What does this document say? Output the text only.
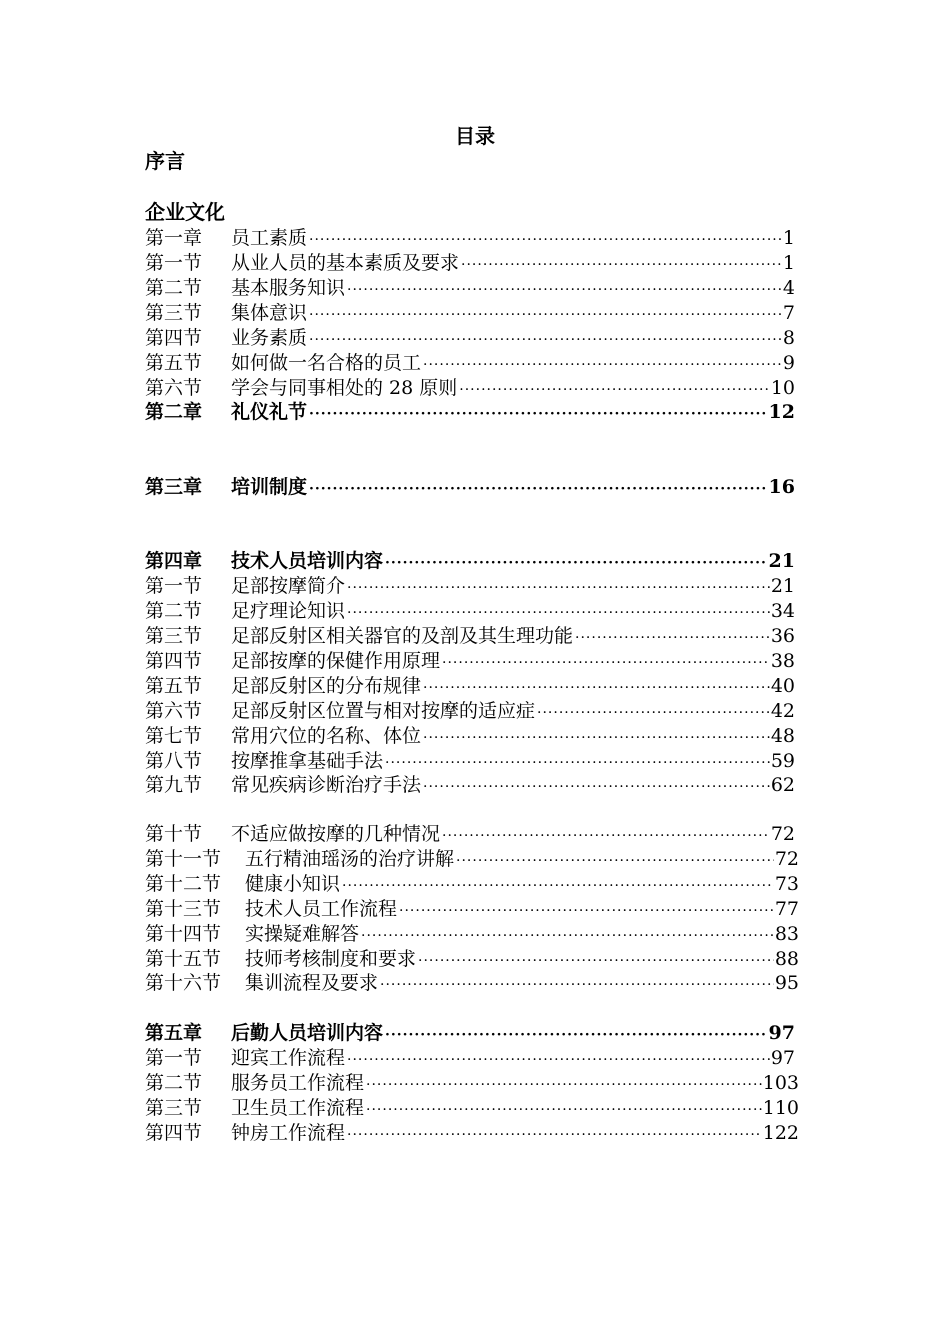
目录
序言
企业文化
第一章	员工素质 ·····	1
第一节	从业人员的基本素质及要求 ·····	1
第二节	基本服务知识 ·····	4
第三节	集体意识 ·····	7
第四节	业务素质 ·····	8
第五节	如何做一名合格的员工 ·····	9
第六节	学会与同事相处的 28 原则 ·····	10
第二章	礼仪礼节 ·····	12
第三章	培训制度 ·····	16
第四章	技术人员培训内容 ·····	21
第一节	足部按摩简介 ·····	21
第二节	足疗理论知识 ·····	34
第三节	足部反射区相关器官的及剖及其生理功能 ·····	36
第四节	足部按摩的保健作用原理 ·····	38
第五节	足部反射区的分布规律 ·····	40
第六节	足部反射区位置与相对按摩的适应症 ·····	42
第七节	常用穴位的名称、体位 ·····	48
第八节	按摩推拿基础手法 ·····	59
第九节	常见疾病诊断治疗手法 ·····	62
第十节	不适应做按摩的几种情况 ·····	72
第十一节	五行精油瑶汤的治疗讲解 ·····	72
第十二节	健康小知识 ·····	73
第十三节	技术人员工作流程 ·····	77
第十四节	实操疑难解答 ·····	83
第十五节	技师考核制度和要求 ·····	88
第十六节	集训流程及要求 ·····	95
第五章	后勤人员培训内容 ·····	97
第一节	迎宾工作流程 ·····	97
第二节	服务员工作流程 ·····	103
第三节	卫生员工作流程 ·····	110
第四节	钟房工作流程 ·····	122
